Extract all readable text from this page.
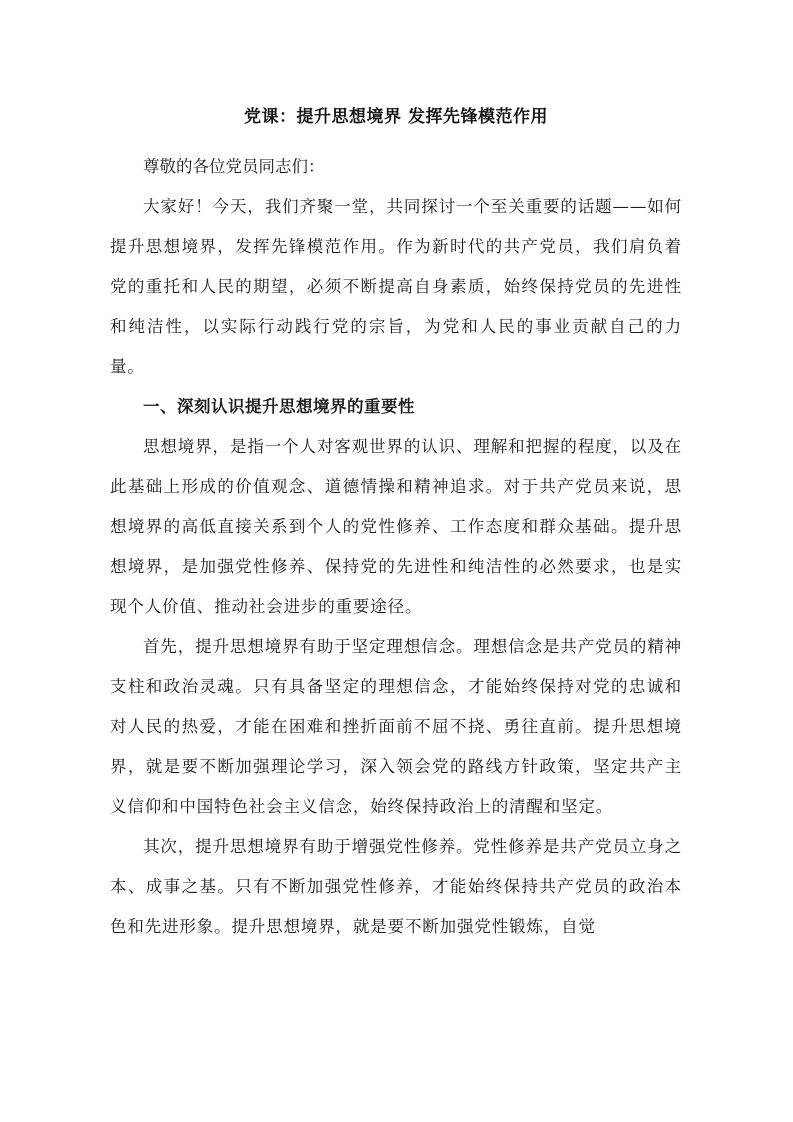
党课：提升思想境界 发挥先锋模范作用

尊敬的各位党员同志们：

大家好！今天，我们齐聚一堂，共同探讨一个至关重要的话题——如何提升思想境界，发挥先锋模范作用。作为新时代的共产党员，我们肩负着党的重托和人民的期望，必须不断提高自身素质，始终保持党员的先进性和纯洁性，以实际行动践行党的宗旨，为党和人民的事业贡献自己的力量。

一、深刻认识提升思想境界的重要性

思想境界，是指一个人对客观世界的认识、理解和把握的程度，以及在此基础上形成的价值观念、道德情操和精神追求。对于共产党员来说，思想境界的高低直接关系到个人的党性修养、工作态度和群众基础。提升思想境界，是加强党性修养、保持党的先进性和纯洁性的必然要求，也是实现个人价值、推动社会进步的重要途径。

首先，提升思想境界有助于坚定理想信念。理想信念是共产党员的精神支柱和政治灵魂。只有具备坚定的理想信念，才能始终保持对党的忠诚和对人民的热爱，才能在困难和挫折面前不屈不挠、勇往直前。提升思想境界，就是要不断加强理论学习，深入领会党的路线方针政策，坚定共产主义信仰和中国特色社会主义信念，始终保持政治上的清醒和坚定。

其次，提升思想境界有助于增强党性修养。党性修养是共产党员立身之本、成事之基。只有不断加强党性修养，才能始终保持共产党员的政治本色和先进形象。提升思想境界，就是要不断加强党性锻炼，自觉
